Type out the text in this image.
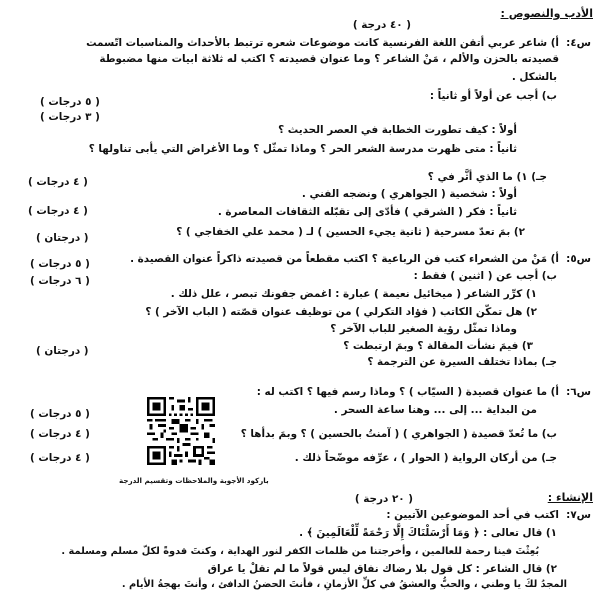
الأدب والنصوص :
( ٤٠ درجة )
س٤:
أ) شاعر عربي أتقن اللغة الفرنسية كانت موضوعات شعره ترتبط بالأحداث والمناسبات اتّسمت
قصيدته بالحزن والألم ، مَنْ الشاعر ؟ وما عنوان قصيدته ؟ اكتب له ثلاثة ابيات منها مضبوطة
بالشكل .
ب) أجب عن أولاً أو ثانياً :
( ٥ درجات )
( ٣ درجات )
أولاً : كيف تطورت الخطابة في العصر الحديث ؟
ثانياً : متى ظهرت مدرسة الشعر الحر ؟ وماذا تمثّل ؟ وما الأغراض التي يأبى تناولها ؟
جـ) ١) ما الذي أثَّر في ؟
( ٤ درجات )
أولاً : شخصية ( الجواهري ) ونضجه الفني .
( ٤ درجات )	ثانياً : فكر ( الشرقي ) فأدّى إلى تقبّله الثقافات المعاصرة .
٢) بمَ تعدّ مسرحية ( ثانية يجيء الحسين ) لـ ( محمد علي الخفاجي ) ؟
( درجتان )
س٥:
أ) مَنْ من الشعراء كتب فن الرباعية ؟ اكتب مقطعاً من قصيدته ذاكراً عنوان القصيدة .
( ٥ درجات )
ب) أجب عن ( اثنين ) فقط :
( ٦ درجات )
١) كرِّر الشاعر ( ميخائيل نعيمة ) عبارة : اغمض جفونك تبصر ، علل ذلك .
٢) هل تمكّن الكاتب ( فؤاد التكرلي ) من توظيف عنوان قصّته ( الباب الآخر ) ؟
وماذا تمثّل رؤية الصغير للباب الآخر ؟
٣) فيمَ نشأت المقالة ؟ وبمَ ارتبطت ؟
جـ) بماذا تختلف السيرة عن الترجمة ؟
( درجتان )
س٦:
أ) ما عنوان قصيدة ( السيّاب ) ؟ وماذا رسم فيها ؟ اكتب له :
من البداية ... إلى ... وهنا ساعة السحر .
( ٥ درجات )
ب) ما تُعدّ قصيدة ( الجواهري ) ( آمنتُ بالحسين ) ؟ وبمَ بدأها ؟
( ٤ درجات )
جـ) من أركان الرواية ( الحوار ) ، عرِّفه موضّحاً ذلك .
( ٤ درجات )
باركود الأجوبة والملاحظات وتقسيم الدرجة
الإنشاء :
( ٢٠ درجة )
س٧:
اكتب في أحد الموضوعين الآتيين :
١) قال تعالى : ﴿ وَمَا أَرْسَلْنَاكَ إِلَّا رَحْمَةً لِّلْعَالَمِينَ ﴾ .
بُعِثْتَ فينا رحمة للعالمين ، وأخرجتنا من ظلمات الكفر لنور الهداية ، وكنتَ قدوةً لكلّ مسلم ومسلمة .
٢) قال الشاعر : كل قول بلا رضاك نفاق ليس قولاً ما لم تقلْ يا عراق
المجدُ لكَ يا وطني ، والحبُّ والعشقُ في كلِّ الأزمانِ ، فأنتَ الحضنُ الدافئ ، وأنتَ بهجةُ الأيام .
